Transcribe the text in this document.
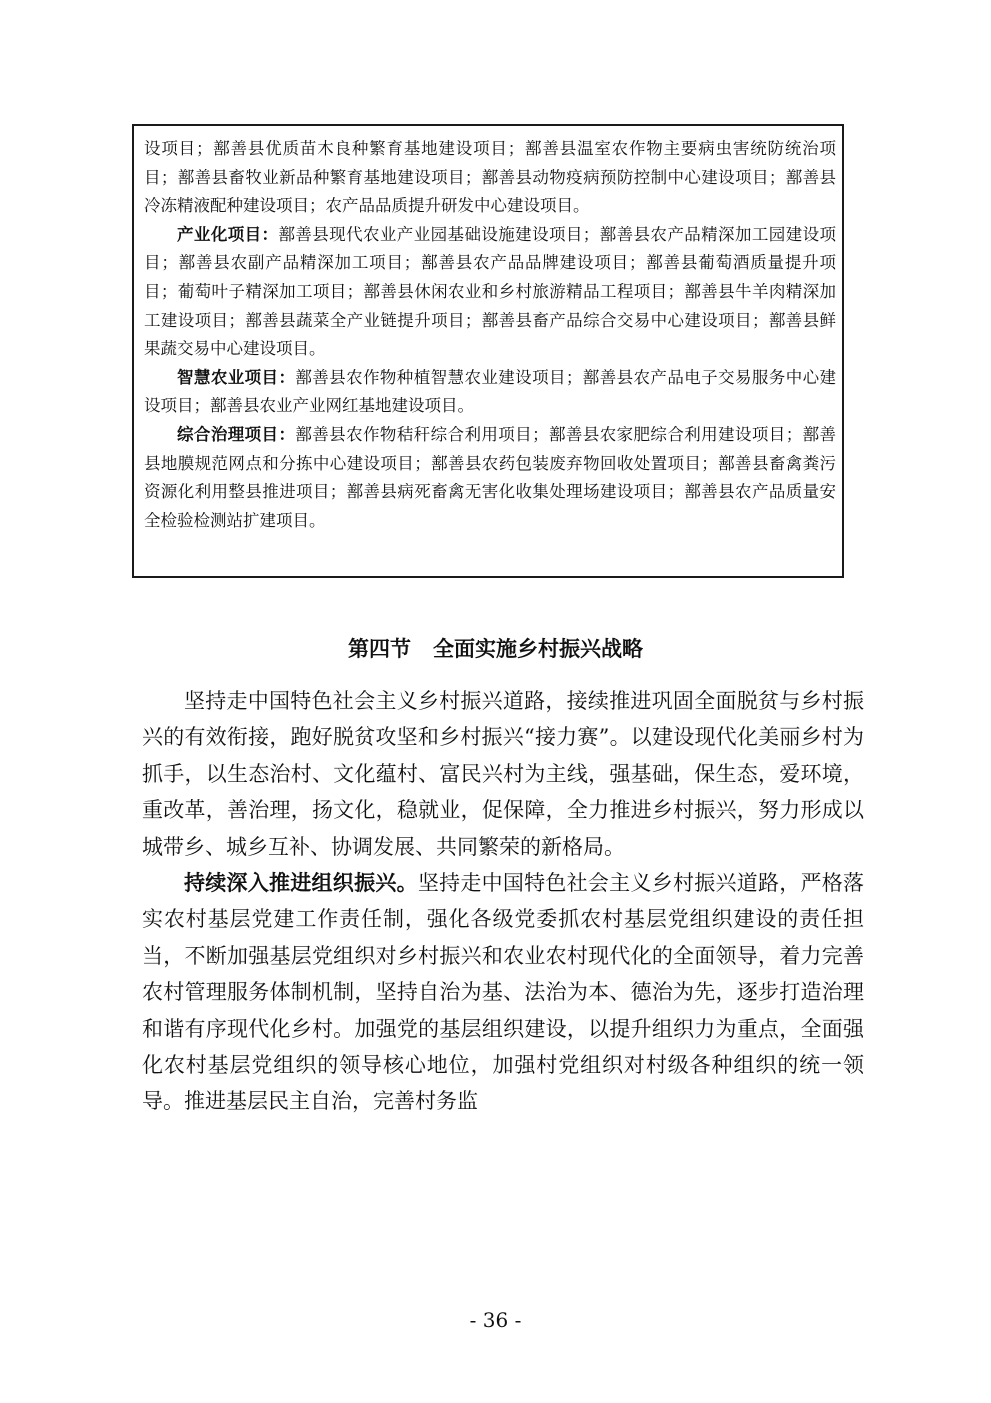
设项目；鄯善县优质苗木良种繁育基地建设项目；鄯善县温室农作物主要病虫害统防统治项目；鄯善县畜牧业新品种繁育基地建设项目；鄯善县动物疫病预防控制中心建设项目；鄯善县冷冻精液配种建设项目；农产品品质提升研发中心建设项目。

产业化项目：鄯善县现代农业产业园基础设施建设项目；鄯善县农产品精深加工园建设项目；鄯善县农副产品精深加工项目；鄯善县农产品品牌建设项目；鄯善县葡萄酒质量提升项目；葡萄叶子精深加工项目；鄯善县休闲农业和乡村旅游精品工程项目；鄯善县牛羊肉精深加工建设项目；鄯善县蔬菜全产业链提升项目；鄯善县畜产品综合交易中心建设项目；鄯善县鲜果蔬交易中心建设项目。

智慧农业项目：鄯善县农作物种植智慧农业建设项目；鄯善县农产品电子交易服务中心建设项目；鄯善县农业产业网红基地建设项目。

综合治理项目：鄯善县农作物秸秆综合利用项目；鄯善县农家肥综合利用建设项目；鄯善县地膜规范网点和分拣中心建设项目；鄯善县农药包装废弃物回收处置项目；鄯善县畜禽粪污资源化利用整县推进项目；鄯善县病死畜禽无害化收集处理场建设项目；鄯善县农产品质量安全检验检测站扩建项目。

第四节 全面实施乡村振兴战略

坚持走中国特色社会主义乡村振兴道路，接续推进巩固全面脱贫与乡村振兴的有效衔接，跑好脱贫攻坚和乡村振兴“接力赛”。以建设现代化美丽乡村为抓手，以生态治村、文化蕴村、富民兴村为主线，强基础，保生态，爱环境，重改革，善治理，扬文化，稳就业，促保障，全力推进乡村振兴，努力形成以城带乡、城乡互补、协调发展、共同繁荣的新格局。

持续深入推进组织振兴。坚持走中国特色社会主义乡村振兴道路，严格落实农村基层党建工作责任制，强化各级党委抓农村基层党组织建设的责任担当，不断加强基层党组织对乡村振兴和农业农村现代化的全面领导，着力完善农村管理服务体制机制，坚持自治为基、法治为本、德治为先，逐步打造治理和谐有序现代化乡村。加强党的基层组织建设，以提升组织力为重点，全面强化农村基层党组织的领导核心地位，加强村党组织对村级各种组织的统一领导。推进基层民主自治，完善村务监

- 36 -
